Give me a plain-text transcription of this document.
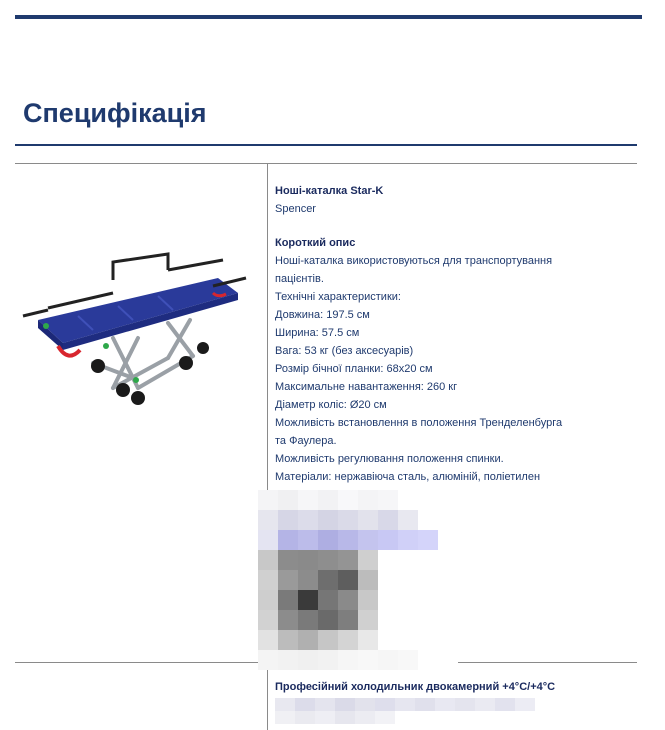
Специфікація
Ноші-каталка Star-K
Spencer
Короткий опис
Ноші-каталка використовуються для транспортування
пацієнтів.
Технічні характеристики:
Довжина: 197.5 см
Ширина: 57.5 см
Вага: 53 кг (без аксесуарів)
Розмір бічної планки: 68x20 см
Максимальне навантаження: 260 кг
Діаметр коліс: Ø20 см
Можливість встановлення в положення Тренделенбурга
та Фаулера.
Можливість регулювання положення спинки.
Матеріали: нержавіюча сталь, алюміній, поліетилен
Професійний холодильник двокамерний +4°C/+4°C
